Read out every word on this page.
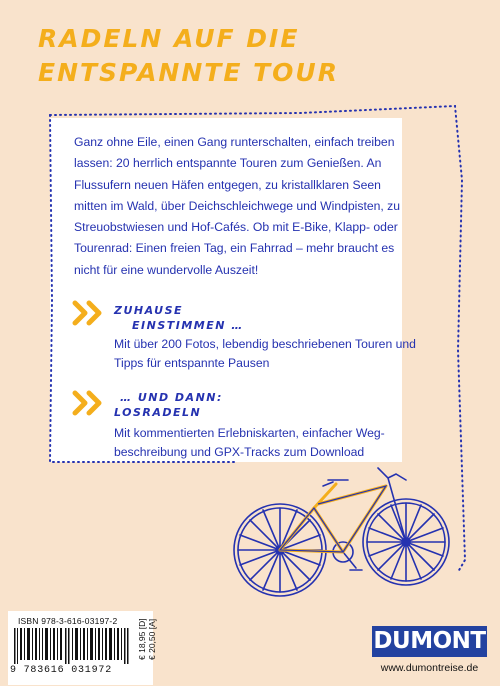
RADELN AUF DIE
ENTSPANNTE TOUR

Ganz ohne Eile, einen Gang runterschalten, einfach treiben lassen: 20 herrlich entspannte Touren zum Genießen. An Flussufern neuen Häfen entgegen, zu kristallklaren Seen mitten im Wald, über Deichschleichwege und Windpisten, zu Streuobstwiesen und Hof-Cafés. Ob mit E-Bike, Klapp- oder Tourenrad: Einen freien Tag, ein Fahrrad – mehr braucht es nicht für eine wundervolle Auszeit!

ZUHAUSE
EINSTIMMEN …

Mit über 200 Fotos, lebendig beschriebenen Touren und Tipps für entspannte Pausen

… UND DANN:
LOSRADELN

Mit kommentierten Erlebniskarten, einfacher Wegbeschreibung und GPX-Tracks zum Download

ISBN 978-3-616-03197-2

9 783616 031972

€ 18,95 [D] € 20,50 [A]	DUMONT

www.dumontreise.de
